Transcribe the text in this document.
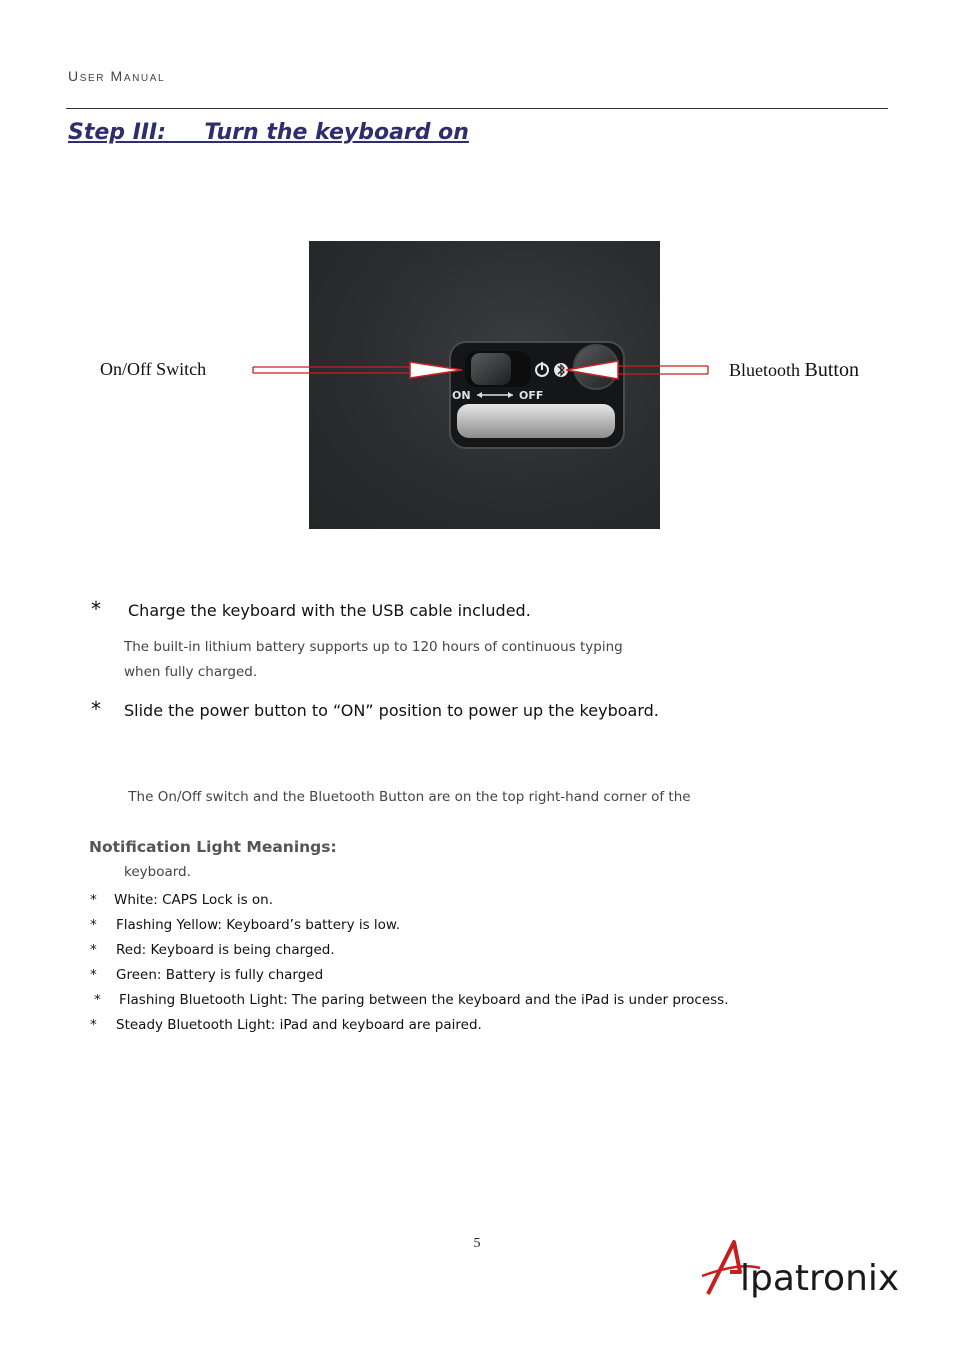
User Manual
Step III:     Turn the keyboard on
ON	OFF
On/Off Switch	Bluetooth Button
* Charge the keyboard with the USB cable included.
The built-in lithium battery supports up to 120 hours of continuous typing
when fully charged.
* Slide the power button to “ON” position to power up the keyboard.

The On/Off switch and the Bluetooth Button are on the top right-hand corner of the

keyboard.

Notification Light Meanings:
*	White: CAPS Lock is on.
*	Flashing Yellow: Keyboard’s battery is low.
*	Red: Keyboard is being charged.
*	Green: Battery is fully charged
*	Flashing Bluetooth Light: The paring between the keyboard and the iPad is under process.
*	Steady Bluetooth Light: iPad and keyboard are paired.
5
lpatronix
